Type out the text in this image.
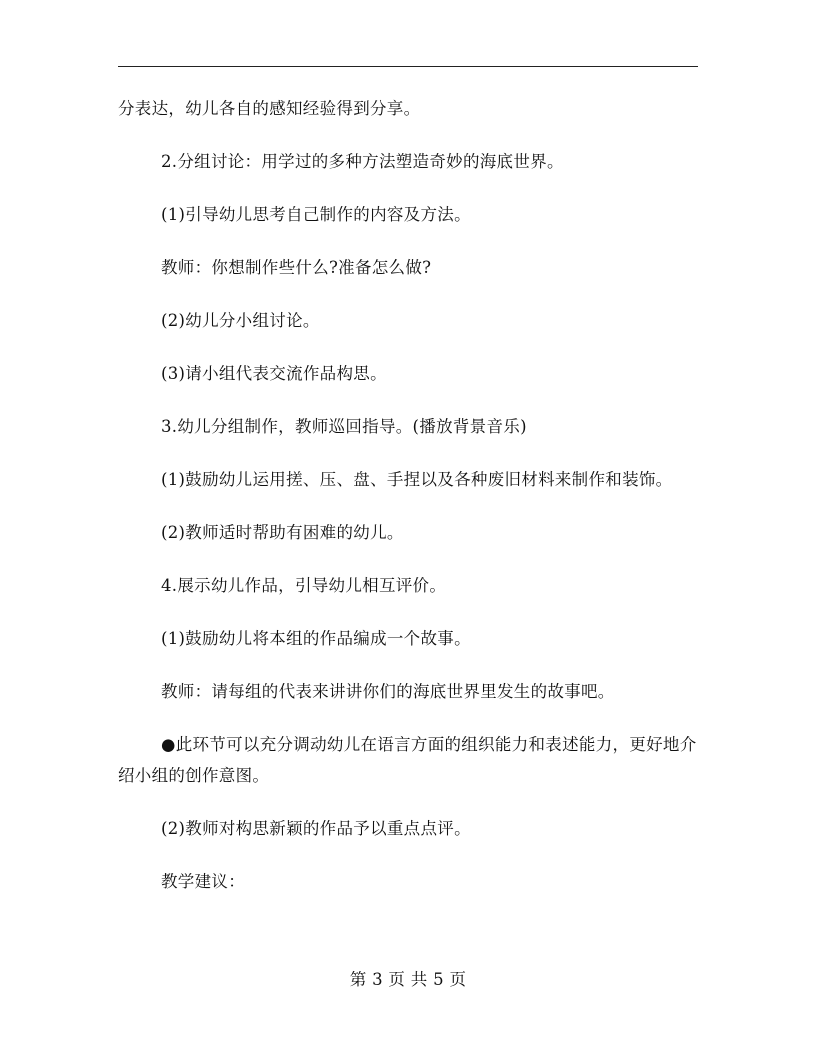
分表达，幼儿各自的感知经验得到分享。

2.分组讨论：用学过的多种方法塑造奇妙的海底世界。

(1)引导幼儿思考自己制作的内容及方法。

教师：你想制作些什么?准备怎么做?

(2)幼儿分小组讨论。

(3)请小组代表交流作品构思。

3.幼儿分组制作，教师巡回指导。(播放背景音乐)

(1)鼓励幼儿运用搓、压、盘、手捏以及各种废旧材料来制作和装饰。

(2)教师适时帮助有困难的幼儿。

4.展示幼儿作品，引导幼儿相互评价。

(1)鼓励幼儿将本组的作品编成一个故事。

教师：请每组的代表来讲讲你们的海底世界里发生的故事吧。

●此环节可以充分调动幼儿在语言方面的组织能力和表述能力，更好地介绍小组的创作意图。

(2)教师对构思新颖的作品予以重点点评。

教学建议：

第 3 页 共 5 页
